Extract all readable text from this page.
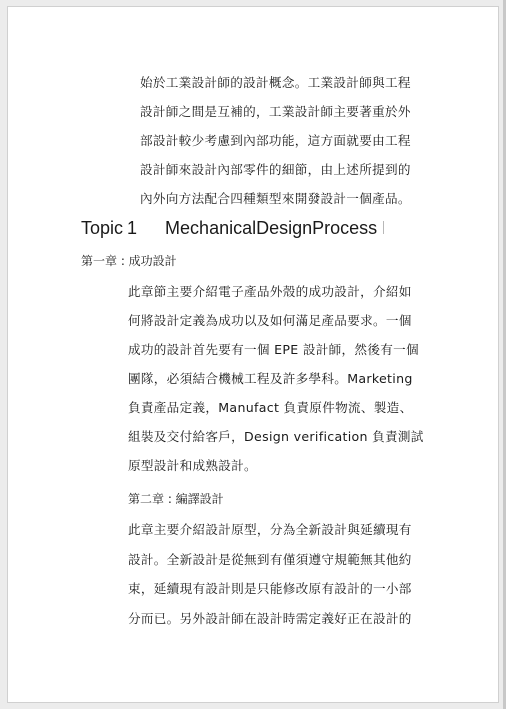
始於工業設計師的設計概念。工業設計師與工程
設計師之間是互補的，工業設計師主要著重於外
部設計較少考慮到內部功能，這方面就要由工程
設計師來設計內部零件的細節，由上述所提到的
內外向方法配合四種類型來開發設計一個產品。
Topic 1 MechanicalDesignProcess
第一章 : 成功設計
此章節主要介紹電子產品外殼的成功設計，介紹如
何將設計定義為成功以及如何滿足產品要求。一個
成功的設計首先要有一個 EPE 設計師，然後有一個
團隊，必須結合機械工程及許多學科。Marketing
負責產品定義，Manufact 負責原件物流、製造、
組裝及交付給客戶，Design verification 負責測試
原型設計和成熟設計。
第二章 : 編譯設計
此章主要介紹設計原型，分為全新設計與延續現有
設計。全新設計是從無到有僅須遵守規範無其他約
束，延續現有設計則是只能修改原有設計的一小部
分而已。另外設計師在設計時需定義好正在設計的
